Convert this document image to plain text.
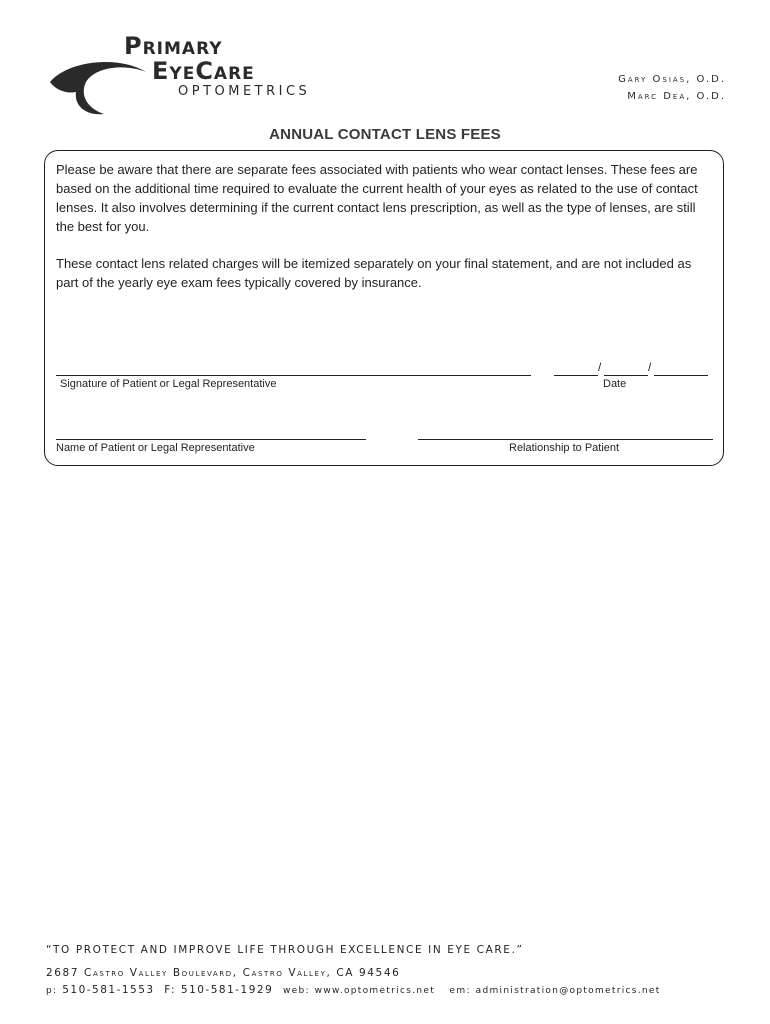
Primary
EyeCare
OPTOMETRICS
Gary Osias, O.D.
Marc Dea, O.D.
ANNUAL CONTACT LENS FEES
Please be aware that there are separate fees associated with patients who wear contact lenses. These fees are based on the additional time required to evaluate the current health of your eyes as related to the use of contact lenses. It also involves determining if the current contact lens prescription, as well as the type of lenses, are still the best for you.
These contact lens related charges will be itemized separately on your final statement, and are not included as part of the yearly eye exam fees typically covered by insurance.
Signature of Patient or Legal Representative
/	/
Date
Name of Patient or Legal Representative	Relationship to Patient
“TO PROTECT AND IMPROVE LIFE THROUGH EXCELLENCE IN EYE CARE.”
2687 Castro Valley Boulevard, Castro Valley, CA 94546
p: 510-581-1553 F: 510-581-1929 web: www.optometrics.net em: administration@optometrics.net
